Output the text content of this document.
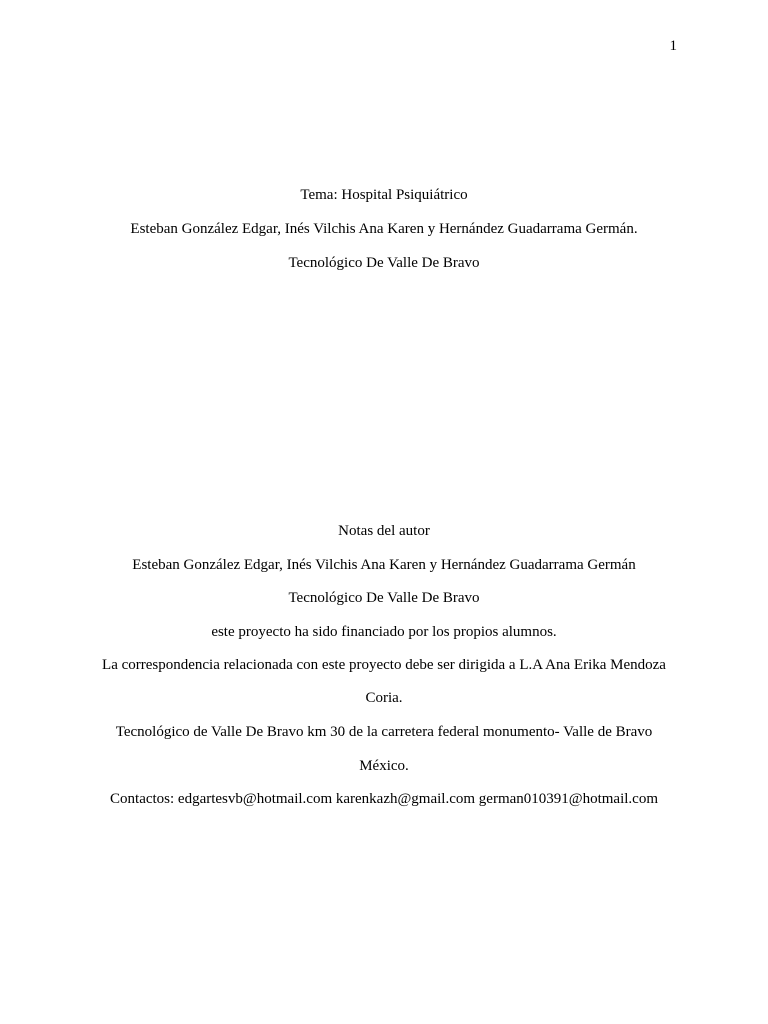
1
Tema: Hospital Psiquiátrico
Esteban González Edgar, Inés Vilchis Ana Karen y Hernández Guadarrama Germán.
Tecnológico De Valle De Bravo
Notas del autor
Esteban González Edgar, Inés Vilchis Ana Karen y Hernández Guadarrama Germán
Tecnológico De Valle De Bravo
este proyecto ha sido financiado por los propios alumnos.
La correspondencia relacionada con este proyecto debe ser dirigida a L.A Ana Erika Mendoza
Coria.
Tecnológico de Valle De Bravo km 30 de la carretera federal monumento- Valle de Bravo
México.
Contactos: edgartesvb@hotmail.com karenkazh@gmail.com german010391@hotmail.com
